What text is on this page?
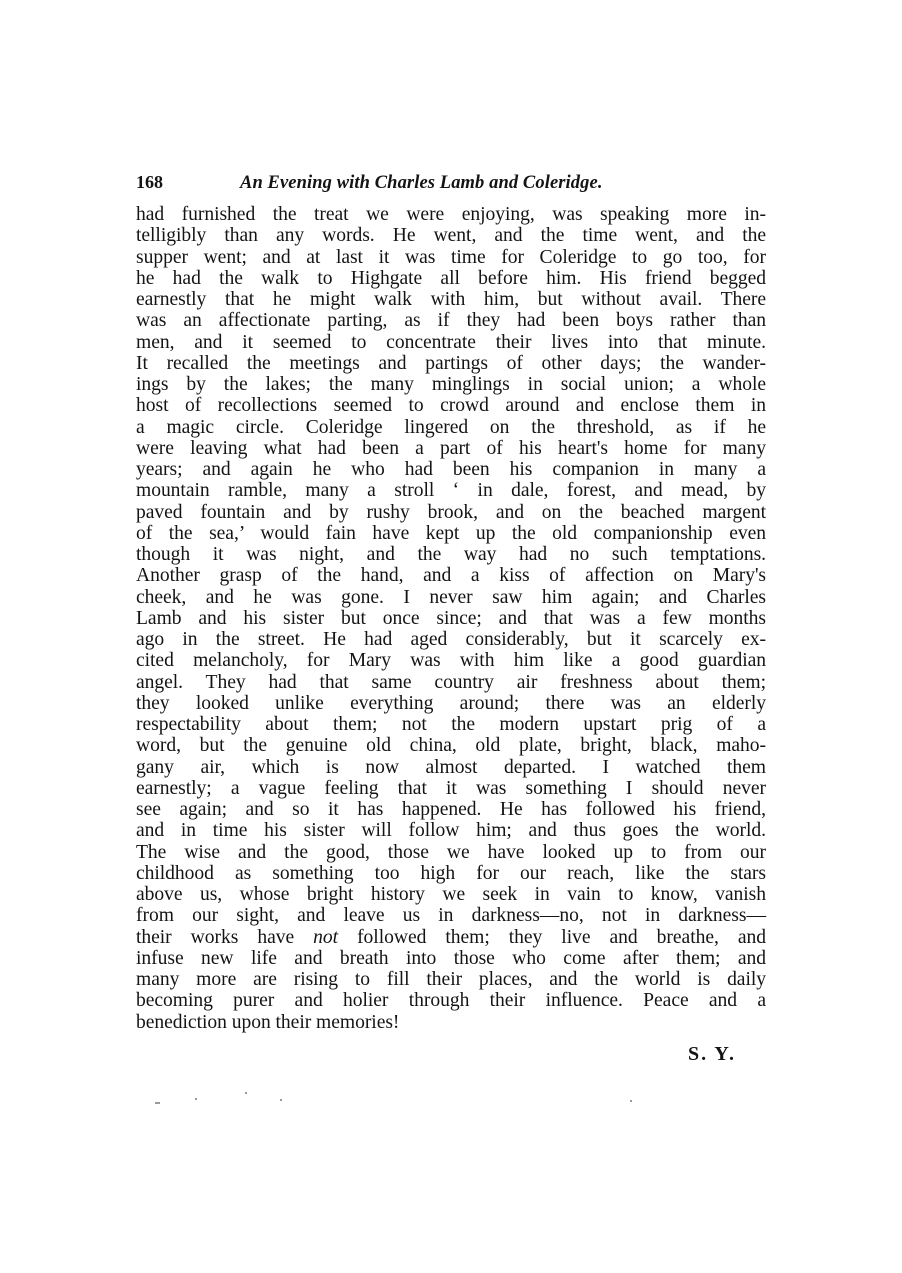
168	An Evening with Charles Lamb and Coleridge.
had furnished the treat we were enjoying, was speaking more in-
telligibly than any words. He went, and the time went, and the
supper went; and at last it was time for Coleridge to go too, for
he had the walk to Highgate all before him. His friend begged
earnestly that he might walk with him, but without avail. There
was an affectionate parting, as if they had been boys rather than
men, and it seemed to concentrate their lives into that minute.
It recalled the meetings and partings of other days; the wander-
ings by the lakes; the many minglings in social union; a whole
host of recollections seemed to crowd around and enclose them in
a magic circle. Coleridge lingered on the threshold, as if he
were leaving what had been a part of his heart's home for many
years; and again he who had been his companion in many a
mountain ramble, many a stroll ‘ in dale, forest, and mead, by
paved fountain and by rushy brook, and on the beached margent
of the sea,’ would fain have kept up the old companionship even
though it was night, and the way had no such temptations.
Another grasp of the hand, and a kiss of affection on Mary's
cheek, and he was gone. I never saw him again; and Charles
Lamb and his sister but once since; and that was a few months
ago in the street. He had aged considerably, but it scarcely ex-
cited melancholy, for Mary was with him like a good guardian
angel. They had that same country air freshness about them;
they looked unlike everything around; there was an elderly
respectability about them; not the modern upstart prig of a
word, but the genuine old china, old plate, bright, black, maho-
gany air, which is now almost departed. I watched them
earnestly; a vague feeling that it was something I should never
see again; and so it has happened. He has followed his friend,
and in time his sister will follow him; and thus goes the world.
The wise and the good, those we have looked up to from our
childhood as something too high for our reach, like the stars
above us, whose bright history we seek in vain to know, vanish
from our sight, and leave us in darkness—no, not in darkness—
their works have not followed them; they live and breathe, and
infuse new life and breath into those who come after them; and
many more are rising to fill their places, and the world is daily
becoming purer and holier through their influence. Peace and a
benediction upon their memories!
S. Y.
